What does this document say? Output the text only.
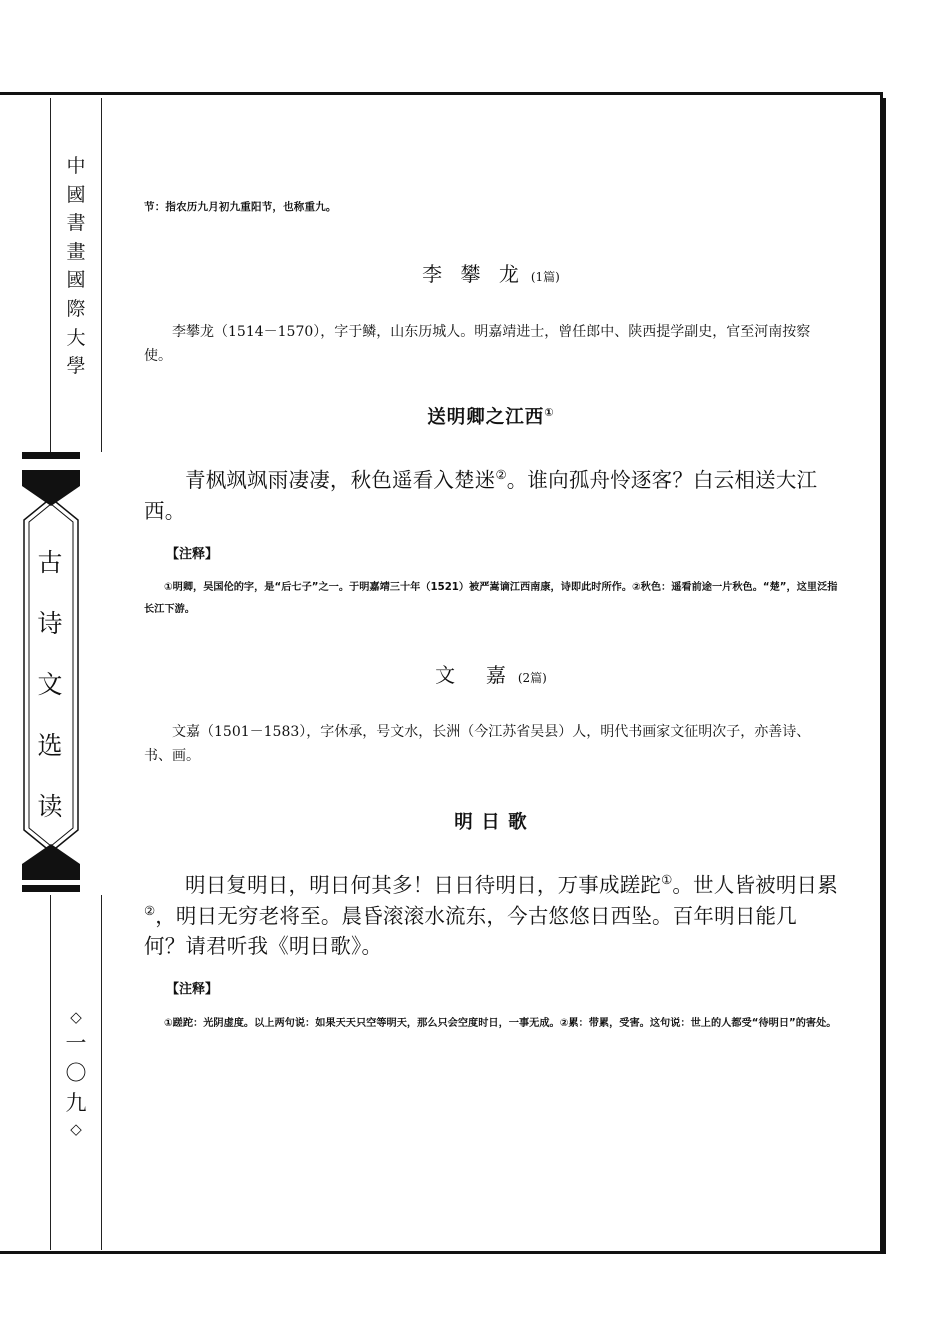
中國書畫國際大學
古
诗
文
选
读
◇
一〇九
◇
节：指农历九月初九重阳节，也称重九。
李 攀 龙 (1篇)
李攀龙（1514－1570），字于鳞，山东历城人。明嘉靖进士，曾任郎中、陕西提学副史，官至河南按察使。
送明卿之江西①
青枫飒飒雨凄凄，秋色遥看入楚迷②。谁向孤舟怜逐客？白云相送大江西。
【注释】
①明卿，吴国伦的字，是“后七子”之一。于明嘉靖三十年（1521）被严嵩谪江西南康，诗即此时所作。②秋色：遥看前途一片秋色。“楚”，这里泛指长江下游。
文  嘉 (2篇)
文嘉（1501－1583），字休承，号文水，长洲（今江苏省吴县）人，明代书画家文征明次子，亦善诗、书、画。
明 日 歌
明日复明日，明日何其多！日日待明日，万事成蹉跎①。世人皆被明日累②，明日无穷老将至。晨昏滚滚水流东，今古悠悠日西坠。百年明日能几何？请君听我《明日歌》。
【注释】
①蹉跎：光阴虚度。以上两句说：如果天天只空等明天，那么只会空度时日，一事无成。②累：带累，受害。这句说：世上的人都受“待明日”的害处。
